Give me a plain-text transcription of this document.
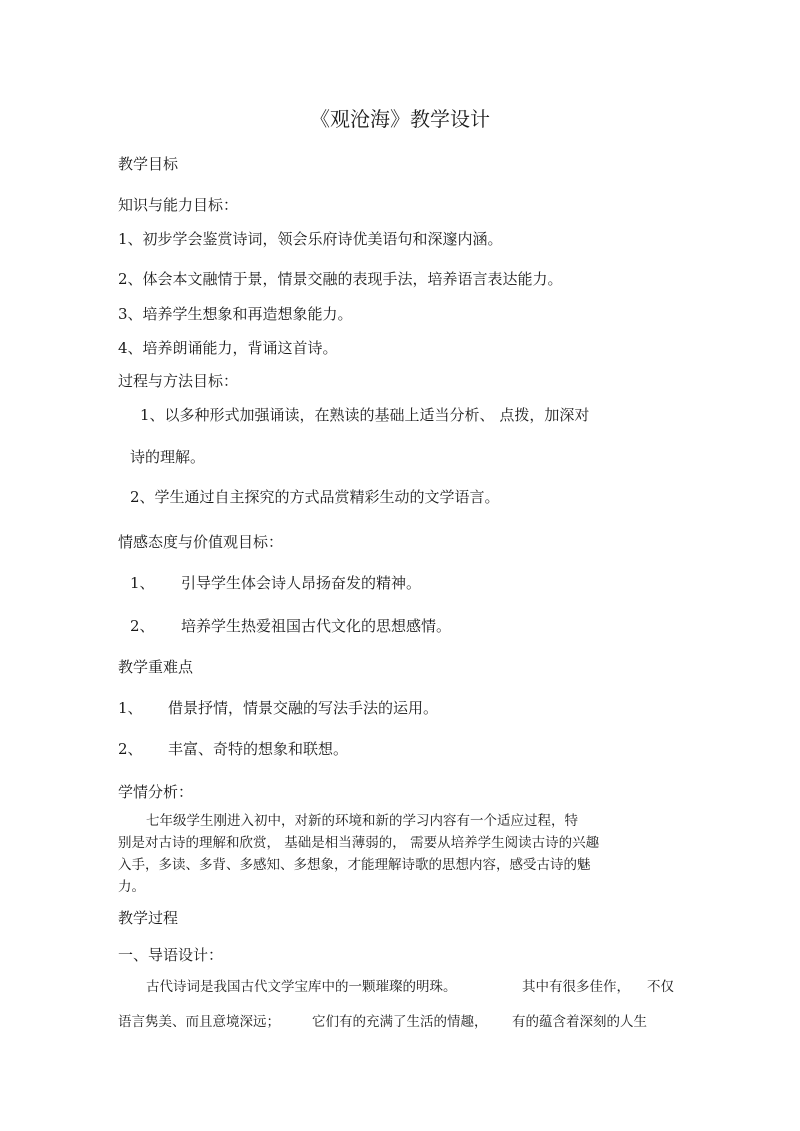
《观沧海》教学设计
教学目标
知识与能力目标：
1、初步学会鉴赏诗词，领会乐府诗优美语句和深邃内涵。
2、体会本文融情于景，情景交融的表现手法，培养语言表达能力。
3、培养学生想象和再造想象能力。
4、培养朗诵能力，背诵这首诗。
过程与方法目标：
1、以多种形式加强诵读，在熟读的基础上适当分析、 点拨，加深对
诗的理解。
2、学生通过自主探究的方式品赏精彩生动的文学语言。
情感态度与价值观目标：
1、 引导学生体会诗人昂扬奋发的精神。
2、 培养学生热爱祖国古代文化的思想感情。
教学重难点
1、 借景抒情，情景交融的写法手法的运用。
2、 丰富、奇特的想象和联想。
学情分析：
七年级学生刚进入初中，对新的环境和新的学习内容有一个适应过程，特
别是对古诗的理解和欣赏， 基础是相当薄弱的， 需要从培养学生阅读古诗的兴趣
入手，多读、多背、多感知、多想象，才能理解诗歌的思想内容，感受古诗的魅
力。
教学过程
一、导语设计：
古代诗词是我国古代文学宝库中的一颗璀璨的明珠。	其中有很多佳作， 不仅
语言隽美、而且意境深远； 它们有的充满了生活的情趣， 有的蕴含着深刻的人生
